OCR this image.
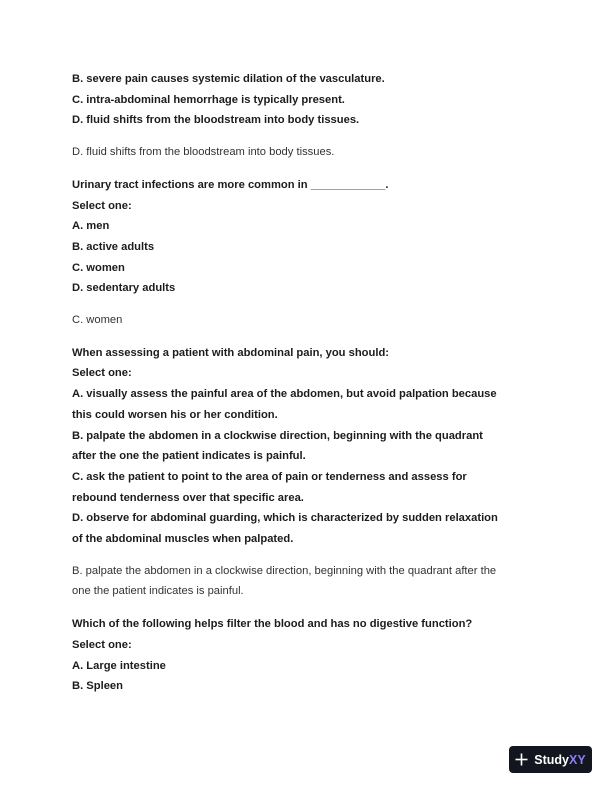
B. severe pain causes systemic dilation of the vasculature.
C. intra-abdominal hemorrhage is typically present.
D. fluid shifts from the bloodstream into body tissues.
D. fluid shifts from the bloodstream into body tissues.
Urinary tract infections are more common in ____________.
Select one:
A. men
B. active adults
C. women
D. sedentary adults
C. women
When assessing a patient with abdominal pain, you should:
Select one:
A. visually assess the painful area of the abdomen, but avoid palpation because
this could worsen his or her condition.
B. palpate the abdomen in a clockwise direction, beginning with the quadrant
after the one the patient indicates is painful.
C. ask the patient to point to the area of pain or tenderness and assess for
rebound tenderness over that specific area.
D. observe for abdominal guarding, which is characterized by sudden relaxation
of the abdominal muscles when palpated.
B. palpate the abdomen in a clockwise direction, beginning with the quadrant after the
one the patient indicates is painful.
Which of the following helps filter the blood and has no digestive function?
Select one:
A. Large intestine
B. Spleen
StudyXY
